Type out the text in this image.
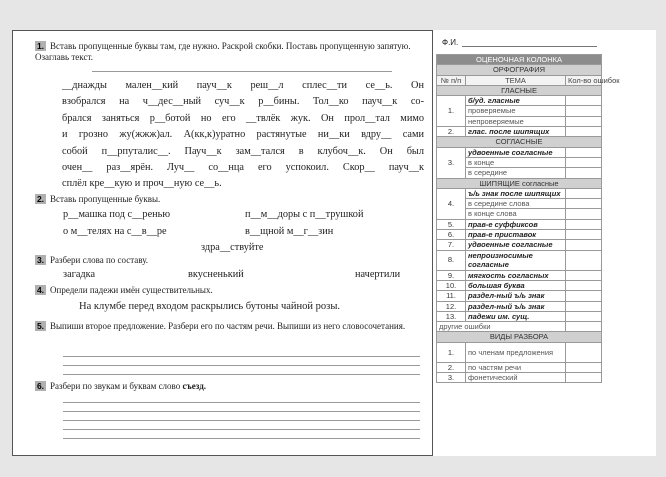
1. Вставь пропущенные буквы там, где нужно. Раскрой скобки. Поставь пропущенную запятую. Озаглавь текст.
__днажды мален__кий пауч__к реш__л сплес__ти се__ь. Он
взобрался на ч__дес__ный суч__к р__бины. Тол__ко пауч__к со-
брался заняться р__ботой но его __твлёк жук. Он прол__тал мимо
и грозно жу(жжж)ал. А(кк,к)уратно растянутые ни__ки вдру__ сами
собой п__рпуталис__. Пауч__к зам__тался в клубоч__к. Он был
очен__ раз__ярён. Луч__ со__нца его успокоил. Скор__ пауч__к
сплёл кре__кую и проч__ную се__ь.
2. Вставь пропущенные буквы.
р__машка под с__ренью	п__м__доры с п__трушкой
о м__телях на с__в__ре	в__щной м__г__зин
здра__ствуйте
3. Разбери слова по составу.
загадка	вкусненький	начертили
4. Определи падежи имён существительных.
На клумбе перед входом раскрылись бутоны чайной розы.
5. Выпиши второе предложение. Разбери его по частям речи. Выпиши из него словосочетания.
6. Разбери по звукам и буквам слово съезд.
Ф.И.
ОЦЕНОЧНАЯ КОЛОНКА		
ОРФОГРАФИЯ		
№ п/п	ТЕМА	Кол-во ошибок
ГЛАСНЫЕ		
1.	б/уд. гласные	
	проверяемые	
	непроверяемые	
2.	глас. после шипящих	
СОГЛАСНЫЕ		
3.	удвоенные согласные	
	в конце	
	в середине	
ШИПЯЩИЕ согласные		
4.	ъ/ь знак после шипящих	
	в середине слова	
	в конце слова	
5.	прав-е суффиксов	
6.	прав-е приставок	
7.	удвоенные согласные	
8.	непроизносимые согласные	
9.	мягкость согласных	
10.	большая буква	
11.	раздел-ный ъ/ь знак	
12.	раздел-ный ъ/ь знак	
13.	падежи им. сущ.	
другие ошибки		
ВИДЫ РАЗБОРА		
1.	по членам предложения	
2.	по частям речи	
3.	фонетический	
